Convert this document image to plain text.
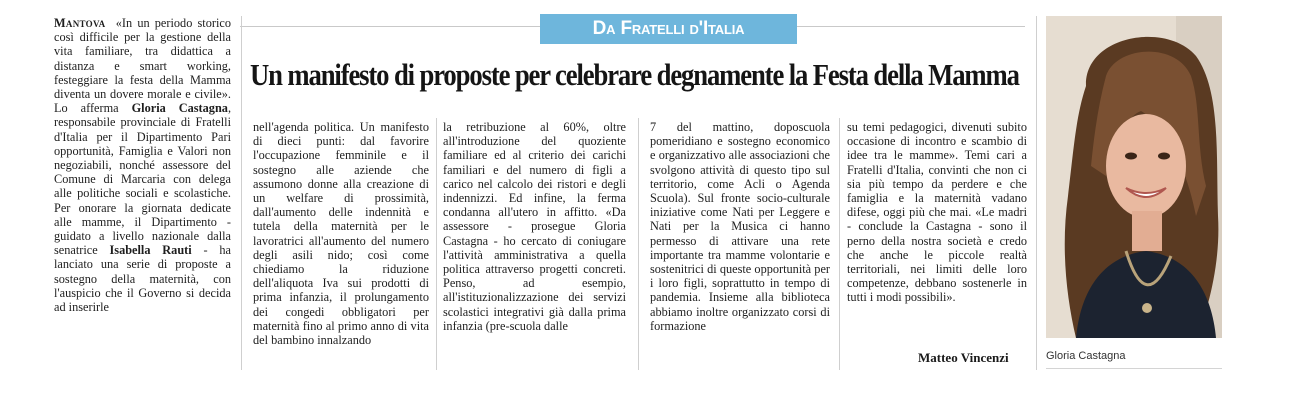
Mantova «In un periodo storico così difficile per la gestione della vita familiare, tra didattica a distanza e smart working, festeggiare la festa della Mamma diventa un dovere morale e civile». Lo afferma Gloria Castagna, responsabile provinciale di Fratelli d'Italia per il Dipartimento Pari opportunità, Famiglia e Valori non negoziabili, nonché assessore del Comune di Marcaria con delega alle politiche sociali e scolastiche. Per onorare la giornata dedicate alle mamme, il Dipartimento - guidato a livello nazionale dalla senatrice Isabella Rauti - ha lanciato una serie di proposte a sostegno della maternità, con l'auspicio che il Governo si decida ad inserirle

Da Fratelli d'Italia
Un manifesto di proposte per celebrare degnamente la Festa della Mamma

nell'agenda politica. Un manifesto di dieci punti: dal favorire l'occupazione femminile e il sostegno alle aziende che assumono donne alla creazione di un welfare di prossimità, dall'aumento delle indennità e tutela della maternità per le lavoratrici all'aumento del numero degli asili nido; così come chiediamo la riduzione dell'aliquota Iva sui prodotti di prima infanzia, il prolungamento dei congedi obbligatori per maternità fino al primo anno di vita del bambino innalzando

la retribuzione al 60%, oltre all'introduzione del quoziente familiare ed al criterio dei carichi familiari e del numero di figli a carico nel calcolo dei ristori e degli indennizzi. Ed infine, la ferma condanna all'utero in affitto. «Da assessore - prosegue Gloria Castagna - ho cercato di coniugare l'attività amministrativa a quella politica attraverso progetti concreti. Penso, ad esempio, all'istituzionalizzazione dei servizi scolastici integrativi già dalla prima infanzia (pre-scuola dalle

7 del mattino, doposcuola pomeridiano e sostegno economico e organizzativo alle associazioni che svolgono attività di questo tipo sul territorio, come Acli o Agenda Scuola). Sul fronte socio-culturale iniziative come Nati per Leggere e Nati per la Musica ci hanno permesso di attivare una rete importante tra mamme volontarie e sostenitrici di queste opportunità per i loro figli, soprattutto in tempo di pandemia. Insieme alla biblioteca abbiamo inoltre organizzato corsi di formazione

su temi pedagogici, divenuti subito occasione di incontro e scambio di idee tra le mamme». Temi cari a Fratelli d'Italia, convinti che non ci sia più tempo da perdere e che famiglia e la maternità vadano difese, oggi più che mai. «Le madri - conclude la Castagna - sono il perno della nostra società e credo che anche le piccole realtà territoriali, nei limiti delle loro competenze, debbano sostenerle in tutti i modi possibili».

Matteo Vincenzi	Gloria Castagna
